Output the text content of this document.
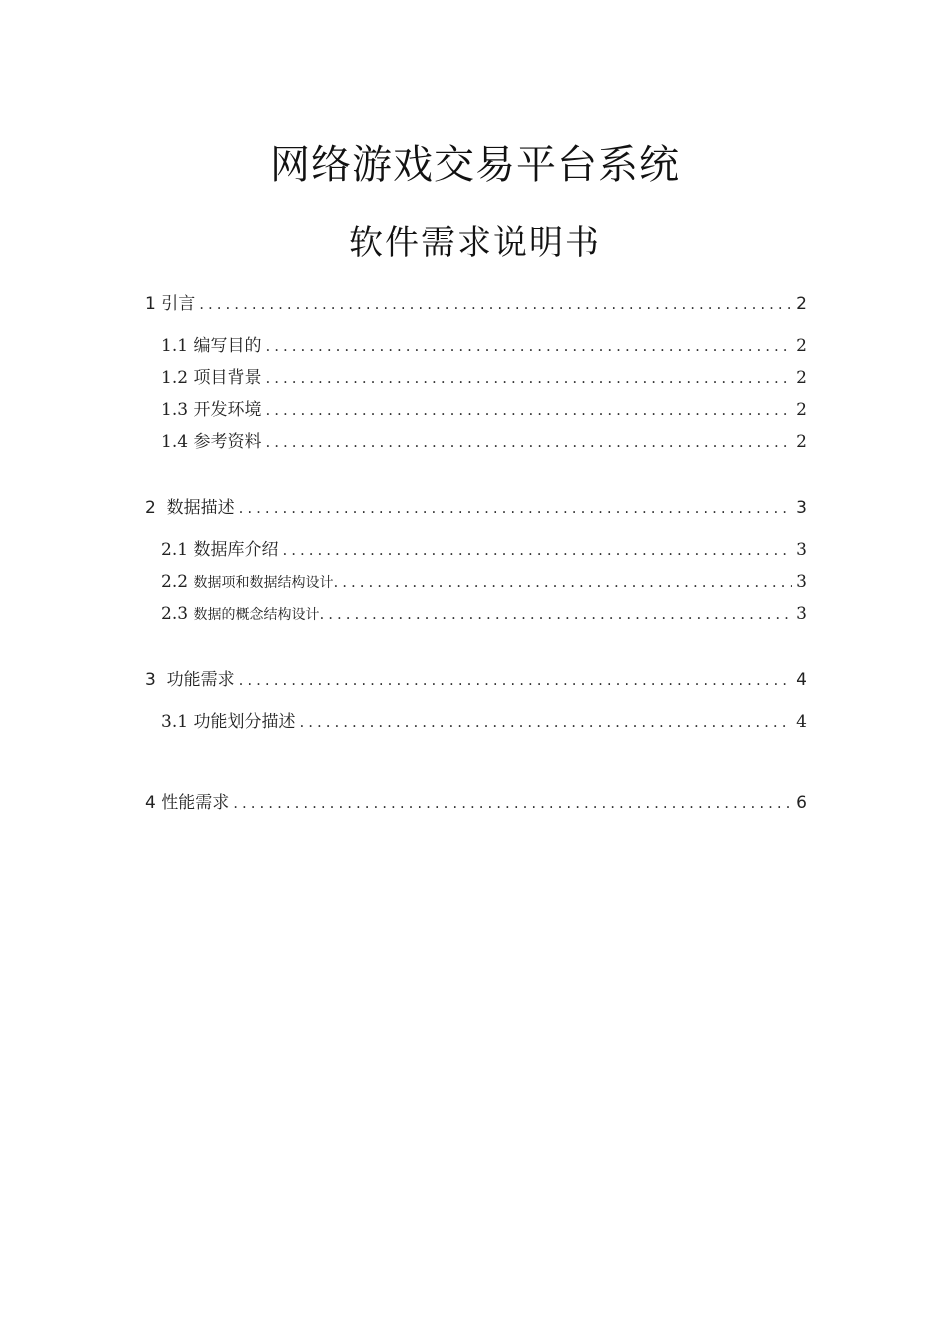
网络游戏交易平台系统
软件需求说明书
1 引言 .....	2
1.1 编写目的 .....	2
1.2 项目背景 .....	2
1.3 开发环境 .....	2
1.4 参考资料 .....	2
2  数据描述 .....	3
2.1 数据库介绍 .....	3
2.2 数据项和数据结构设计 .....	3
2.3 数据的概念结构设计 .....	3
3  功能需求 .....	4
3.1 功能划分描述 .....	4
4 性能需求 .....	6
